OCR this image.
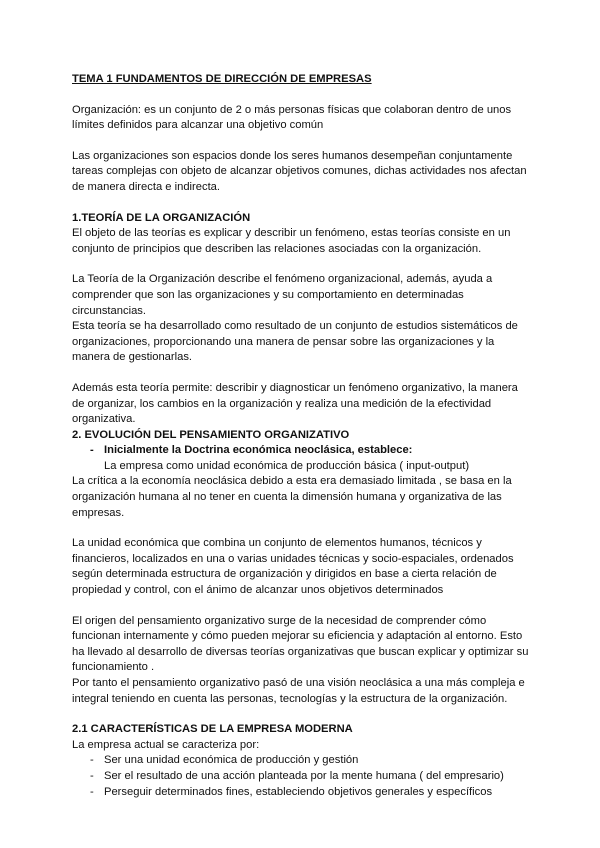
TEMA 1 FUNDAMENTOS DE DIRECCIÓN DE EMPRESAS

Organización: es un conjunto de 2 o más personas físicas que colaboran dentro de unos límites definidos para alcanzar una objetivo común

Las organizaciones son espacios donde los seres humanos desempeñan conjuntamente tareas complejas con objeto de alcanzar objetivos comunes, dichas actividades nos afectan de manera directa e indirecta.

1.TEORÍA DE LA ORGANIZACIÓN

El objeto de las teorías es explicar y describir un fenómeno, estas teorías consiste en un conjunto de principios que describen las relaciones asociadas con la organización.

La Teoría de la Organización describe el fenómeno organizacional, además, ayuda a comprender que son las organizaciones y su comportamiento en determinadas circunstancias.

Esta teoría se ha desarrollado como resultado de un conjunto de estudios sistemáticos de organizaciones, proporcionando una manera de pensar sobre las organizaciones y la manera de gestionarlas.

Además esta teoría permite: describir y diagnosticar un fenómeno organizativo, la manera de organizar, los cambios en la organización y realiza una medición de la efectividad organizativa.

2. EVOLUCIÓN DEL PENSAMIENTO ORGANIZATIVO
- Inicialmente la Doctrina económica neoclásica, establece:
La empresa como unidad económica de producción básica ( input-output)

La crítica a la economía neoclásica debido a esta era demasiado limitada , se basa en la organización humana al no tener en cuenta la dimensión humana y organizativa de las empresas.

La unidad económica que combina un conjunto de elementos humanos, técnicos y financieros, localizados en una o varias unidades técnicas y socio-espaciales, ordenados según determinada estructura de organización y dirigidos en base a cierta relación de propiedad y control, con el ánimo de alcanzar unos objetivos determinados

El origen del pensamiento organizativo surge de la necesidad de comprender cómo funcionan internamente y cómo pueden mejorar su eficiencia y adaptación al entorno. Esto ha llevado al desarrollo de diversas teorías organizativas que buscan explicar y optimizar su funcionamiento .

Por tanto el pensamiento organizativo pasó de una visión neoclásica a una más compleja e integral teniendo en cuenta las personas, tecnologías y la estructura de la organización.

2.1 CARACTERÍSTICAS DE LA EMPRESA MODERNA
La empresa actual se caracteriza por:
- Ser una unidad económica de producción y gestión
- Ser el resultado de una acción planteada por la mente humana ( del empresario)
- Perseguir determinados fines, estableciendo objetivos generales y específicos
